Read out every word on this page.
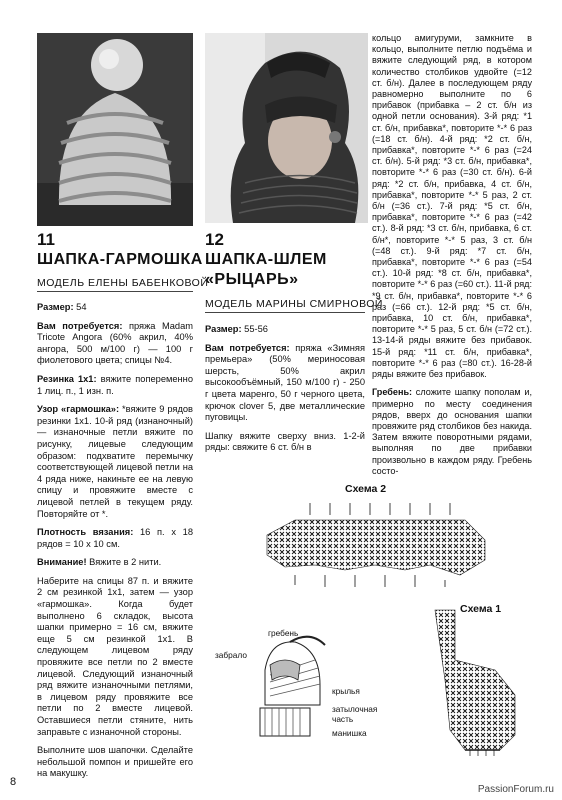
11
ШАПКА-ГАРМОШКА
МОДЕЛЬ ЕЛЕНЫ БАБЕНКОВОЙ

Размер: 54

Вам потребуется: пряжа Madam Tricote Angora (60% акрил, 40% ангора, 500 м/100 г) — 100 г фиолетового цвета; спицы №4.

Резинка 1х1: вяжите попеременно 1 лиц. п., 1 изн. п.

Узор «гармошка»: *вяжите 9 рядов резинки 1х1. 10-й ряд (изнаночный) — изнаночные петли вяжите по рисунку, лицевые следующим образом: подхватите перемычку соответствующей лицевой петли на 4 ряда ниже, накиньте ее на левую спицу и провяжите вместе с лицевой петлей в текущем ряду. Повторяйте от *.

Плотность вязания: 16 п. х 18 рядов = 10 х 10 см.

Внимание! Вяжите в 2 нити.

Наберите на спицы 87 п. и вяжите 2 см резинкой 1х1, затем — узор «гармошка». Когда будет выполнено 6 складок, высота шапки примерно = 16 см, вяжите еще 5 см резинкой 1х1. В следующем лицевом ряду провяжите все петли по 2 вместе лицевой. Следующий изнаночный ряд вяжите изнаночными петлями, в лицевом ряду провяжите все петли по 2 вместе лицевой. Оставшиеся петли стяните, нить заправьте с изнаночной стороны.

Выполните шов шапочки. Сделайте небольшой помпон и пришейте его на макушку.

12
ШАПКА-ШЛЕМ
«РЫЦАРЬ»
МОДЕЛЬ МАРИНЫ СМИРНОВОЙ

Размер: 55-56

Вам потребуется: пряжа «Зимняя премьера» (50% мериносовая шерсть, 50% акрил высокообъёмный, 150 м/100 г) - 250 г цвета маренго, 50 г черного цвета, крючок clover 5, две металлические пуговицы.

Шапку вяжите сверху вниз. 1-2-й ряды: свяжите 6 ст. б/н в

кольцо амигуруми, замкните в кольцо, выполните петлю подъёма и вяжите следующий ряд, в котором количество столбиков удвойте (=12 ст. б/н). Далее в последующем ряду равномерно выполните по 6 прибавок (прибавка – 2 ст. б/н из одной петли основания). 3-й ряд: *1 ст. б/н, прибавка*, повторите *-* 6 раз (=18 ст. б/н). 4-й ряд: *2 ст. б/н, прибавка*, повторите *-* 6 раз (=24 ст. б/н). 5-й ряд: *3 ст. б/н, прибавка*, повторите *-* 6 раз (=30 ст. б/н). 6-й ряд: *2 ст. б/н, прибавка, 4 ст. б/н, прибавка*, повторите *-* 5 раз, 2 ст. б/н (=36 ст.). 7-й ряд: *5 ст. б/н, прибавка*, повторите *-* 6 раз (=42 ст.). 8-й ряд: *3 ст. б/н, прибавка, 6 ст. б/н*, повторите *-* 5 раз, 3 ст. б/н (=48 ст.). 9-й ряд: *7 ст. б/н, прибавка*, повторите *-* 6 раз (=54 ст.). 10-й ряд: *8 ст. б/н, прибавка*, повторите *-* 6 раз (=60 ст.). 11-й ряд: *9 ст. б/н, прибавка*, повторите *-* 6 раз (=66 ст.). 12-й ряд: *5 ст. б/н, прибавка, 10 ст. б/н, прибавка*, повторите *-* 5 раз, 5 ст. б/н (=72 ст.). 13-14-й ряды вяжите без прибавок. 15-й ряд: *11 ст. б/н, прибавка*, повторите *-* 6 раз (=80 ст.). 16-28-й ряды вяжите без прибавок.

Гребень: сложите шапку пополам и, примерно по месту соединения рядов, вверх до основания шапки провяжите ряд столбиков без накида. Затем вяжите поворотными рядами, выполняя по две прибавки произвольно в каждом ряду. Гребень состо-

Схема 2
Схема 1
гребень
забрало
крылья
затылочная часть
манишка
8
PassionForum.ru
